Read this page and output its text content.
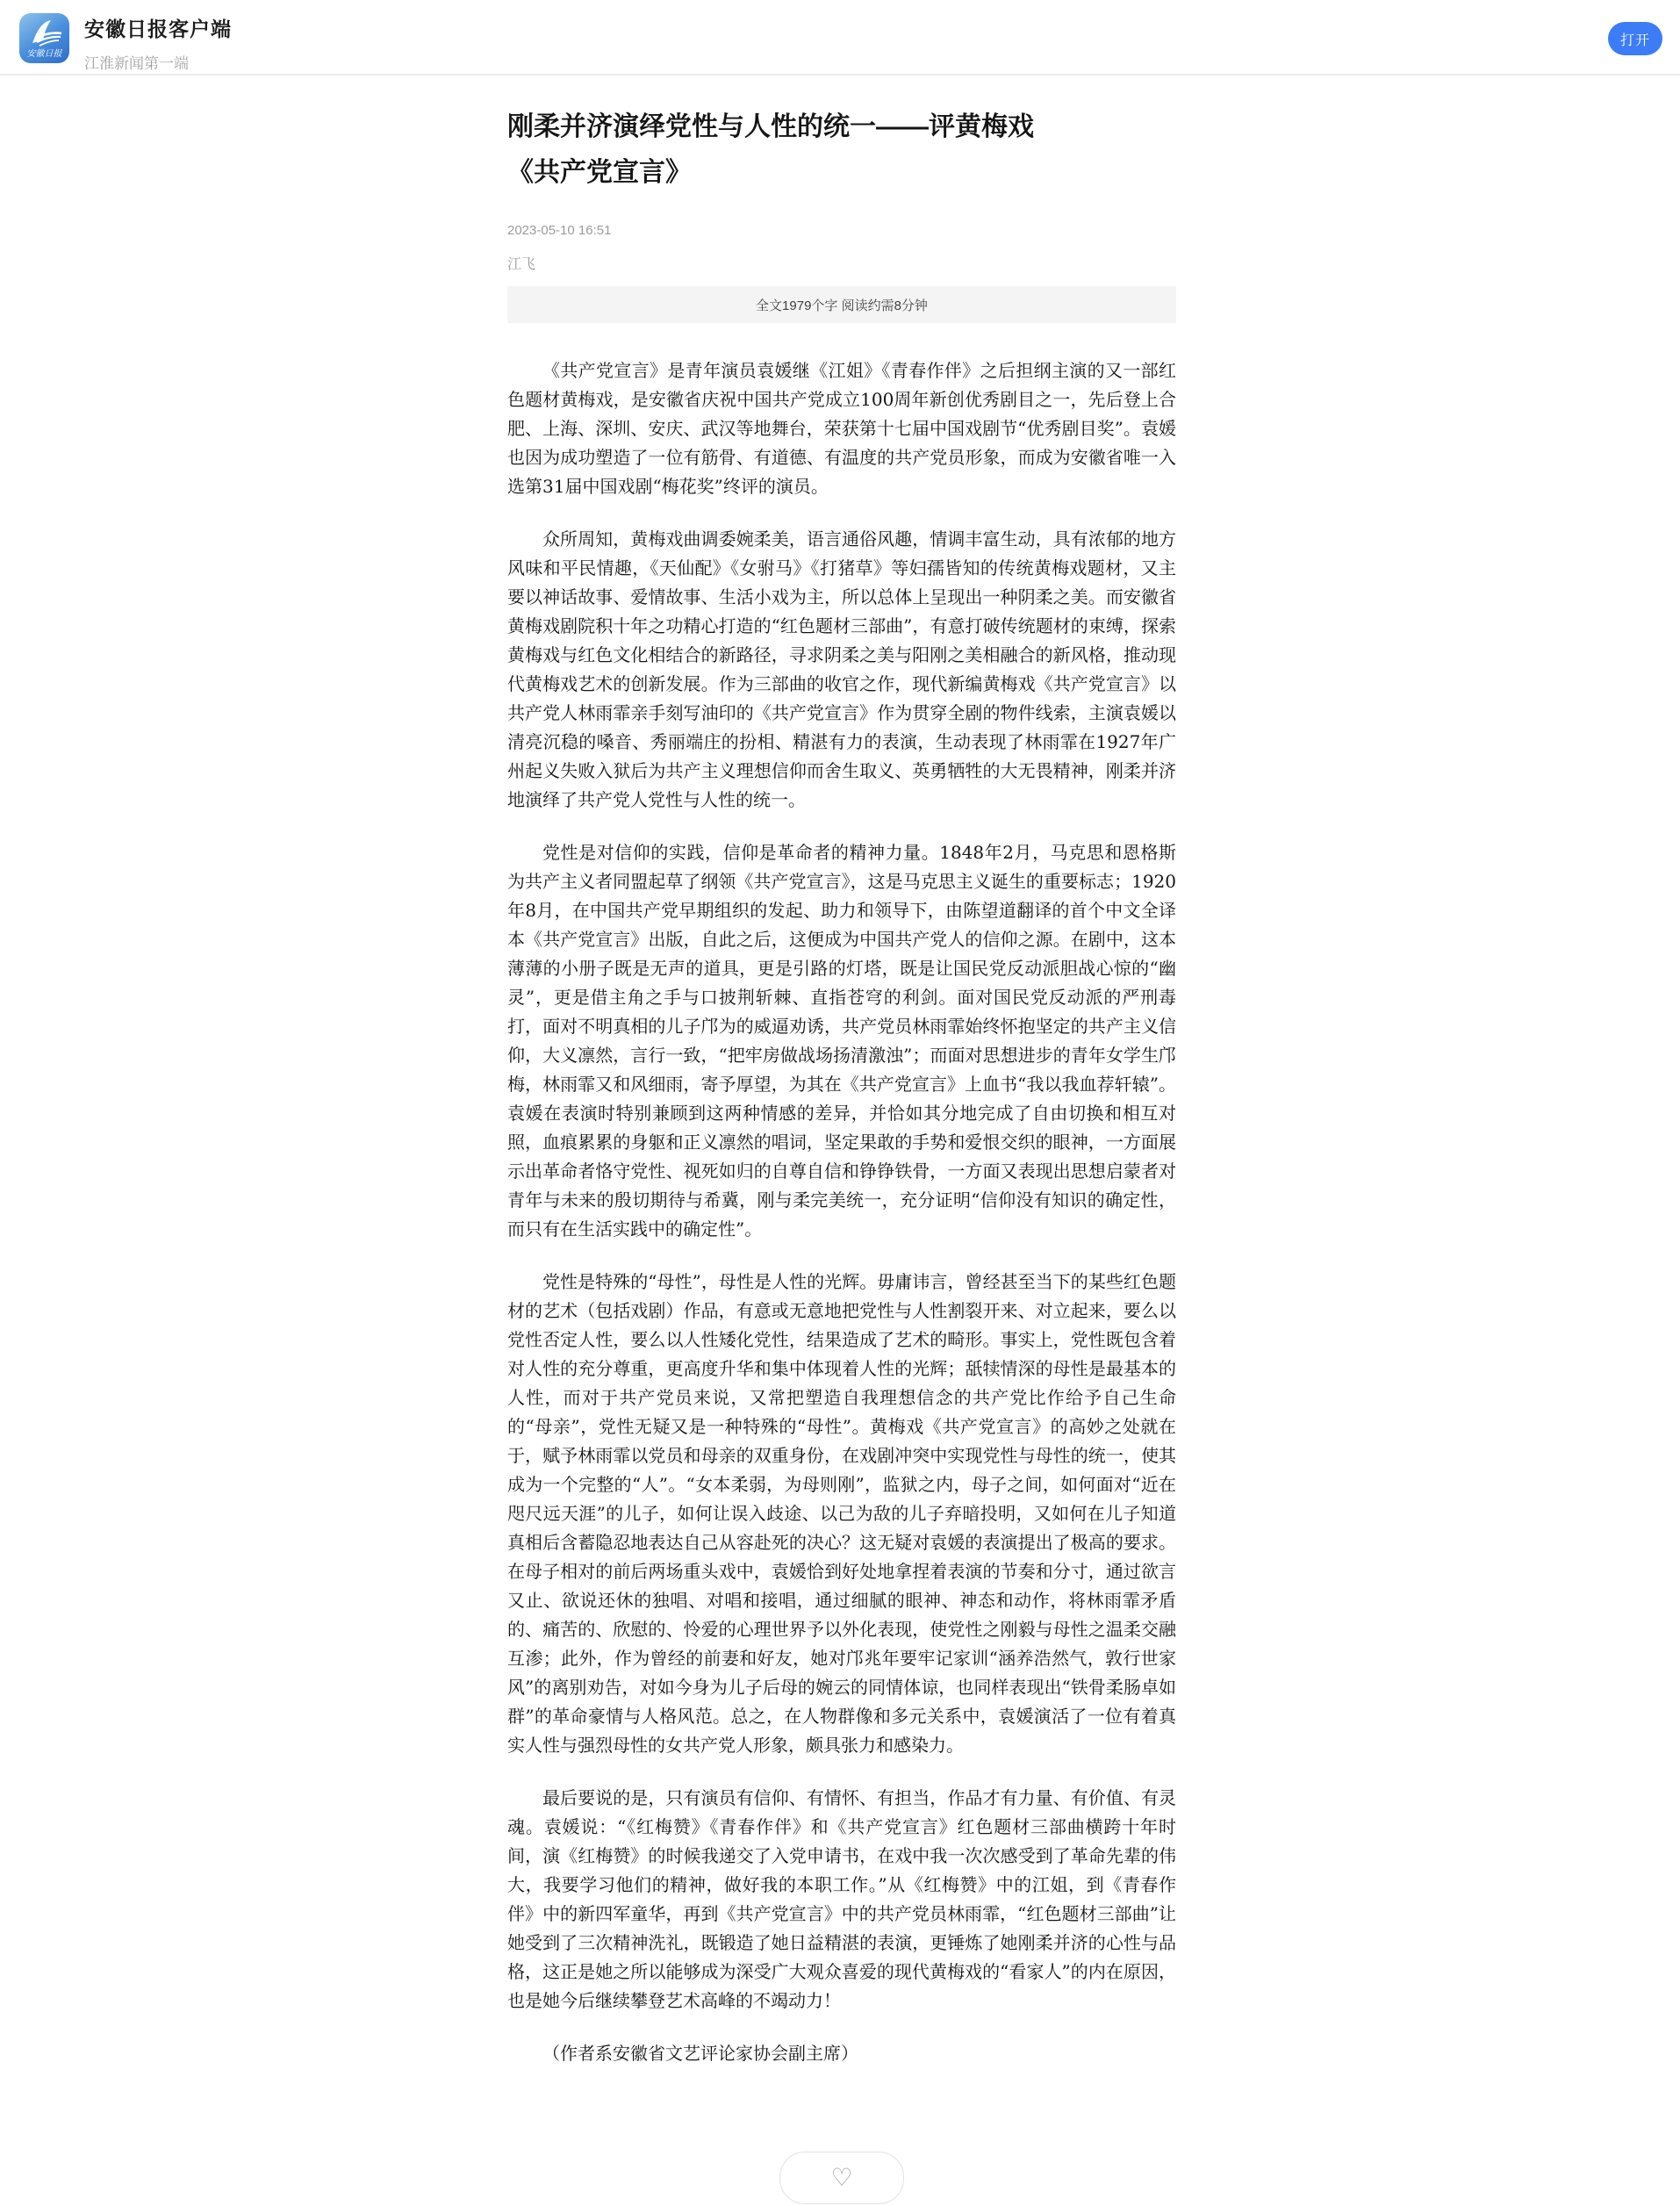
安徽日报
安徽日报客户端
江淮新闻第一端
打开
刚柔并济演绎党性与人性的统一——评黄梅戏
《共产党宣言》
2023-05-10 16:51
江飞
全文1979个字 阅读约需8分钟

《共产党宣言》是青年演员袁媛继《江姐》《青春作伴》之后担纲主演的又一部红色题材黄梅戏，是安徽省庆祝中国共产党成立100周年新创优秀剧目之一，先后登上合肥、上海、深圳、安庆、武汉等地舞台，荣获第十七届中国戏剧节“优秀剧目奖”。袁媛也因为成功塑造了一位有筋骨、有道德、有温度的共产党员形象，而成为安徽省唯一入选第31届中国戏剧“梅花奖”终评的演员。

众所周知，黄梅戏曲调委婉柔美，语言通俗风趣，情调丰富生动，具有浓郁的地方风味和平民情趣，《天仙配》《女驸马》《打猪草》等妇孺皆知的传统黄梅戏题材，又主要以神话故事、爱情故事、生活小戏为主，所以总体上呈现出一种阴柔之美。而安徽省黄梅戏剧院积十年之功精心打造的“红色题材三部曲”，有意打破传统题材的束缚，探索黄梅戏与红色文化相结合的新路径，寻求阴柔之美与阳刚之美相融合的新风格，推动现代黄梅戏艺术的创新发展。作为三部曲的收官之作，现代新编黄梅戏《共产党宣言》以共产党人林雨霏亲手刻写油印的《共产党宣言》作为贯穿全剧的物件线索，主演袁媛以清亮沉稳的嗓音、秀丽端庄的扮相、精湛有力的表演，生动表现了林雨霏在1927年广州起义失败入狱后为共产主义理想信仰而舍生取义、英勇牺牲的大无畏精神，刚柔并济地演绎了共产党人党性与人性的统一。

党性是对信仰的实践，信仰是革命者的精神力量。1848年2月，马克思和恩格斯为共产主义者同盟起草了纲领《共产党宣言》，这是马克思主义诞生的重要标志；1920年8月，在中国共产党早期组织的发起、助力和领导下，由陈望道翻译的首个中文全译本《共产党宣言》出版，自此之后，这便成为中国共产党人的信仰之源。在剧中，这本薄薄的小册子既是无声的道具，更是引路的灯塔，既是让国民党反动派胆战心惊的“幽灵”，更是借主角之手与口披荆斩棘、直指苍穹的利剑。面对国民党反动派的严刑毒打，面对不明真相的儿子邝为的威逼劝诱，共产党员林雨霏始终怀抱坚定的共产主义信仰，大义凛然，言行一致，“把牢房做战场扬清激浊”；而面对思想进步的青年女学生邝梅，林雨霏又和风细雨，寄予厚望，为其在《共产党宣言》上血书“我以我血荐轩辕”。袁媛在表演时特别兼顾到这两种情感的差异，并恰如其分地完成了自由切换和相互对照，血痕累累的身躯和正义凛然的唱词，坚定果敢的手势和爱恨交织的眼神，一方面展示出革命者恪守党性、视死如归的自尊自信和铮铮铁骨，一方面又表现出思想启蒙者对青年与未来的殷切期待与希冀，刚与柔完美统一，充分证明“信仰没有知识的确定性，而只有在生活实践中的确定性”。

党性是特殊的“母性”，母性是人性的光辉。毋庸讳言，曾经甚至当下的某些红色题材的艺术（包括戏剧）作品，有意或无意地把党性与人性割裂开来、对立起来，要么以党性否定人性，要么以人性矮化党性，结果造成了艺术的畸形。事实上，党性既包含着对人性的充分尊重，更高度升华和集中体现着人性的光辉；舐犊情深的母性是最基本的人性，而对于共产党员来说，又常把塑造自我理想信念的共产党比作给予自己生命的“母亲”，党性无疑又是一种特殊的“母性”。黄梅戏《共产党宣言》的高妙之处就在于，赋予林雨霏以党员和母亲的双重身份，在戏剧冲突中实现党性与母性的统一，使其成为一个完整的“人”。“女本柔弱，为母则刚”，监狱之内，母子之间，如何面对“近在咫尺远天涯”的儿子，如何让误入歧途、以己为敌的儿子弃暗投明，又如何在儿子知道真相后含蓄隐忍地表达自己从容赴死的决心？这无疑对袁媛的表演提出了极高的要求。在母子相对的前后两场重头戏中，袁媛恰到好处地拿捏着表演的节奏和分寸，通过欲言又止、欲说还休的独唱、对唱和接唱，通过细腻的眼神、神态和动作，将林雨霏矛盾的、痛苦的、欣慰的、怜爱的心理世界予以外化表现，使党性之刚毅与母性之温柔交融互渗；此外，作为曾经的前妻和好友，她对邝兆年要牢记家训“涵养浩然气，敦行世家风”的离别劝告，对如今身为儿子后母的婉云的同情体谅，也同样表现出“铁骨柔肠卓如群”的革命豪情与人格风范。总之，在人物群像和多元关系中，袁媛演活了一位有着真实人性与强烈母性的女共产党人形象，颇具张力和感染力。

最后要说的是，只有演员有信仰、有情怀、有担当，作品才有力量、有价值、有灵魂。袁媛说：“《红梅赞》《青春作伴》和《共产党宣言》红色题材三部曲横跨十年时间，演《红梅赞》的时候我递交了入党申请书，在戏中我一次次感受到了革命先辈的伟大，我要学习他们的精神，做好我的本职工作。”从《红梅赞》中的江姐，到《青春作伴》中的新四军童华，再到《共产党宣言》中的共产党员林雨霏，“红色题材三部曲”让她受到了三次精神洗礼，既锻造了她日益精湛的表演，更锤炼了她刚柔并济的心性与品格，这正是她之所以能够成为深受广大观众喜爱的现代黄梅戏的“看家人”的内在原因，也是她今后继续攀登艺术高峰的不竭动力！

（作者系安徽省文艺评论家协会副主席）

♡
